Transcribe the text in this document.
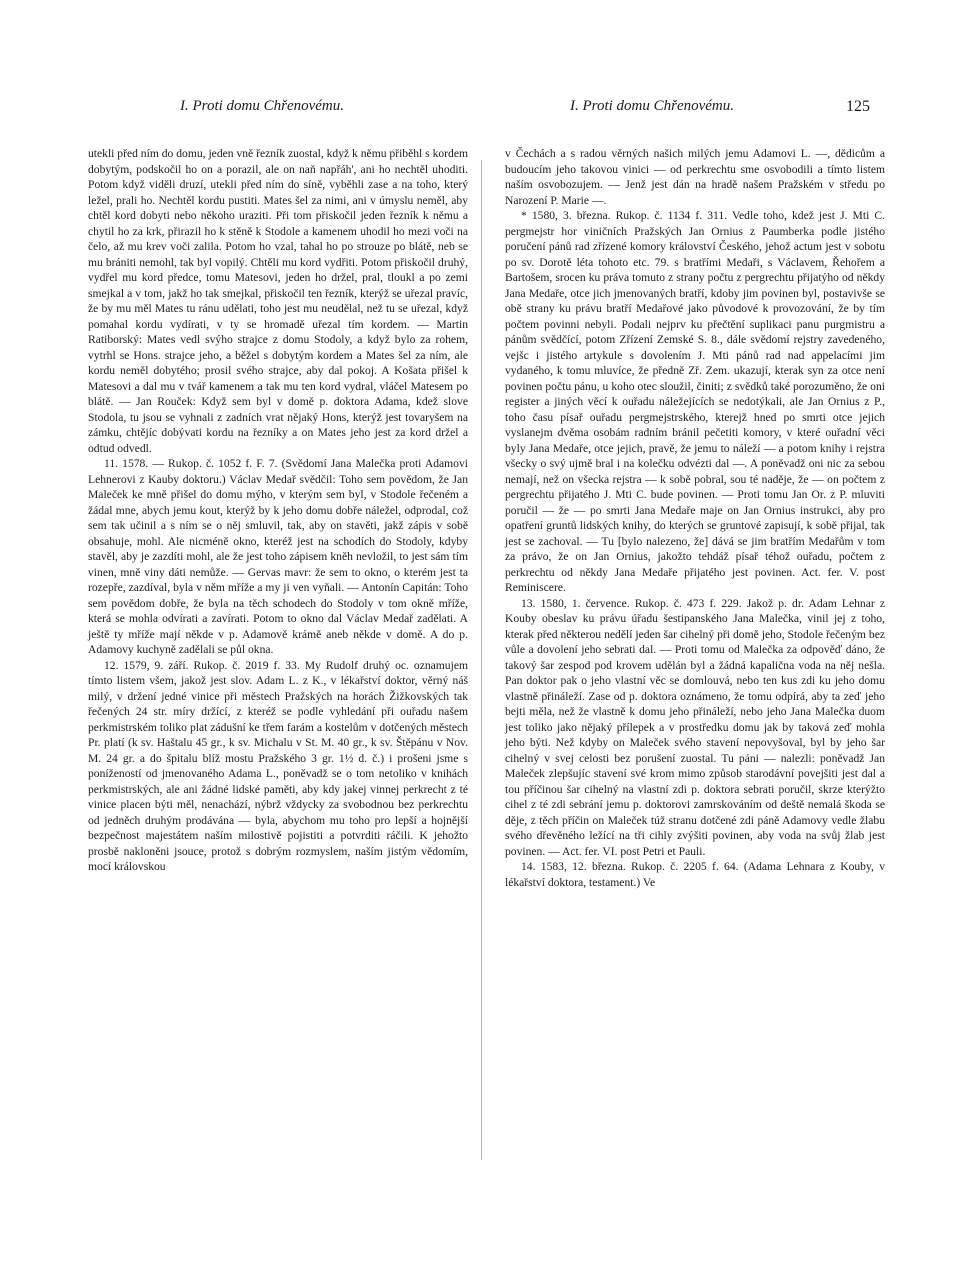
I. Proti domu Chřenovému.	I. Proti domu Chřenovému.	125

utekli před ním do domu, jeden vně řezník zuostal, když k němu přiběhl s kordem dobytým, podskočil ho on a porazil, ale on naň napřáh', ani ho nechtěl uhoditi. Potom když viděli druzí, utekli před ním do síně, vyběhli zase a na toho, který ležel, prali ho. Nechtěl kordu pustiti. Mates šel za nimi, ani v úmyslu neměl, aby chtěl kord dobyti nebo někoho uraziti. Při tom přiskočil jeden řezník k němu a chytil ho za krk, přirazil ho k stěně k Stodole a kamenem uhodil ho mezi voči na čelo, až mu krev voči zalila. Potom ho vzal, tahal ho po strouze po blátě, neb se mu brániti nemohl, tak byl vopilý. Chtěli mu kord vydřiti. Potom přiskočil druhý, vydřel mu kord předce, tomu Matesovi, jeden ho držel, pral, tloukl a po zemi smejkal a v tom, jakž ho tak smejkal, přiskočil ten řezník, kterýž se uřezal pravíc, že by mu měl Mates tu ránu udělati, toho jest mu neudělal, než tu se uřezal, když pomahal kordu vydírati, v ty se hromadě uřezal tím kordem. — Martin Ratiborský: Mates vedl svýho strajce z domu Stodoly, a když bylo za rohem, vytrhl se Hons. strajce jeho, a běžel s dobytým kordem a Mates šel za ním, ale kordu neměl dobytého; prosil svého strajce, aby dal pokoj. A Košata přišel k Matesovi a dal mu v tvář kamenem a tak mu ten kord vydral, vláčel Matesem po blátě. — Jan Rouček: Když sem byl v domě p. doktora Adama, kdež slove Stodola, tu jsou se vyhnali z zadních vrat nějaký Hons, kterýž jest tovaryšem na zámku, chtějíc dobývati kordu na řezníky a on Mates jeho jest za kord držel a odtud odvedl.

11. 1578. — Rukop. č. 1052 f. F. 7. (Svědomí Jana Malečka proti Adamovi Lehnerovi z Kauby doktoru.) Václav Medař svědčil: Toho sem povědom, že Jan Maleček ke mně přišel do domu mýho, v kterým sem byl, v Stodole řečeném a žádal mne, abych jemu kout, kterýž by k jeho domu dobře náležel, odprodal, což sem tak učinil a s ním se o něj smluvil, tak, aby on stavěti, jakž zápis v sobě obsahuje, mohl. Ale nicméně okno, kteréž jest na schodích do Stodoly, kdyby stavěl, aby je zazdíti mohl, ale že jest toho zápisem kněh nevložil, to jest sám tím vinen, mně viny dáti nemůže. — Gervas mavr: že sem to okno, o kterém jest ta rozepře, zazdíval, byla v něm mříže a my ji ven vyňali. — Antonín Capitán: Toho sem povědom dobře, že byla na těch schodech do Stodoly v tom okně mříže, která se mohla odvírati a zavírati. Potom to okno dal Václav Medař zadělati. A ještě ty mříže mají někde v p. Adamově krámě aneb někde v domě. A do p. Adamovy kuchyně zadělali se půl okna.

12. 1579, 9. září. Rukop. č. 2019 f. 33. My Rudolf druhý oc. oznamujem tímto listem všem, jakož jest slov. Adam L. z K., v lékařství doktor, věrný náš milý, v držení jedné vinice při městech Pražských na horách Žižkovských tak řečených 24 str. míry držící, z kteréž se podle vyhledání při ouřadu našem perkmistrském toliko plat zádušní ke třem farám a kostelům v dotčených městech Pr. platí (k sv. Haštalu 45 gr., k sv. Michalu v St. M. 40 gr., k sv. Štěpánu v Nov. M. 24 gr. a do špitalu blíž mostu Pražského 3 gr. 1½ d. č.) i prošeni jsme s ponížeností od jmenovaného Adama L., poněvadž se o tom netoliko v knihách perkmistrských, ale ani žádné lidské paměti, aby kdy jakej vinnej perkrecht z té vinice placen býti měl, nenachází, nýbrž vždycky za svobodnou bez perkrechtu od jedněch druhým prodávána — byla, abychom mu toho pro lepší a hojnější bezpečnost majestátem naším milostivě pojistiti a potvrditi ráčili. K jehožto prosbě nakloněni jsouce, protož s dobrým rozmyslem, naším jistým vědomím, mocí královskou

v Čechách a s radou věrných našich milých jemu Adamovi L. —, dědicům a budoucím jeho takovou vinici — od perkrechtu sme osvobodili a tímto listem naším osvobozujem. — Jenž jest dán na hradě našem Pražském v středu po Narození P. Marie —.

* 1580, 3. března. Rukop. č. 1134 f. 311. Vedle toho, kdež jest J. Mti C. pergmejstr hor viničních Pražských Jan Ornius z Paumberka podle jistého poručení pánů rad zřízené komory království Českého, jehož actum jest v sobotu po sv. Dorotě léta tohoto etc. 79. s bratřími Medaři, s Václavem, Řehořem a Bartošem, srocen ku práva tomuto z strany počtu z pergrechtu přijatýho od někdy Jana Medaře, otce jich jmenovaných bratří, kdoby jim povinen byl, postavivše se obě strany ku právu bratří Medařové jako původové k provozování, že by tím počtem povinni nebyli. Podali nejprv ku přečtění suplikaci panu purgmistru a pánům svědčící, potom Zřízení Zemské S. 8., dále svědomí rejstry zavedeného, vejšc i jistého artykule s dovolením J. Mti pánů rad nad appelacími jim vydaného, k tomu mluvíce, že předně Zř. Zem. ukazují, kterak syn za otce není povinen počtu pánu, u koho otec sloužil, činiti; z svědků také porozuměno, že oni register a jiných věcí k ouřadu náležejících se nedotýkali, ale Jan Ornius z P., toho času písař ouřadu pergmejstrského, kterejž hned po smrti otce jejich vyslanejm dvěma osobám radním bránil pečetiti komory, v které ouřadní věci byly Jana Medaře, otce jejich, pravě, že jemu to náleží — a potom knihy i rejstra všecky o svý ujmě bral i na kolečku odvézti dal —. A poněvadž oni nic za sebou nemají, než on všecka rejstra — k sobě pobral, sou té naděje, že — on počtem z pergrechtu přijatého J. Mti C. bude povinen. — Proti tomu Jan Or. z P. mluviti poručil — že — po smrti Jana Medaře maje on Jan Ornius instrukci, aby pro opatření gruntů lidských knihy, do kterých se gruntové zapisují, k sobě přijal, tak jest se zachoval. — Tu [bylo nalezeno, že] dává se jim bratřím Medařům v tom za právo, že on Jan Ornius, jakožto tehdáž písař téhož ouřadu, počtem z perkrechtu od někdy Jana Medaře přijatého jest povinen. Act. fer. V. post Reminiscere.

13. 1580, 1. července. Rukop. č. 473 f. 229. Jakož p. dr. Adam Lehnar z Kouby obeslav ku právu úřadu šestipanského Jana Malečka, vinil jej z toho, kterak před některou nedělí jeden šar cihelný při domě jeho, Stodole řečeným bez vůle a dovolení jeho sebrati dal. — Proti tomu od Malečka za odpověď dáno, že takový šar zespod pod krovem udělán byl a žádná kapalična voda na něj nešla. Pan doktor pak o jeho vlastní věc se domlouvá, nebo ten kus zdi ku jeho domu vlastně přináleží. Zase od p. doktora oznámeno, že tomu odpírá, aby ta zeď jeho bejti měla, než že vlastně k domu jeho přináleží, nebo jeho Jana Malečka duom jest toliko jako nějaký přílepek a v prostředku domu jak by taková zeď mohla jeho býti. Než kdyby on Maleček svého stavení nepovyšoval, byl by jeho šar cihelný v svej celosti bez porušení zuostal. Tu páni — nalezli: poněvadž Jan Maleček zlepšujíc stavení své krom mimo způsob starodávní povejšiti jest dal a tou příčinou šar cihelný na vlastní zdi p. doktora sebrati poručil, skrze kterýžto cihel z té zdi sebrání jemu p. doktorovi zamrskováním od deště nemalá škoda se děje, z těch příčin on Maleček túž stranu dotčené zdi páně Adamovy vedle žlabu svého dřevěného ležící na tři cihly zvýšiti povinen, aby voda na svůj žlab jest povinen. — Act. fer. VI. post Petri et Pauli.

14. 1583, 12. března. Rukop. č. 2205 f. 64. (Adama Lehnara z Kouby, v lékařství doktora, testament.) Ve
